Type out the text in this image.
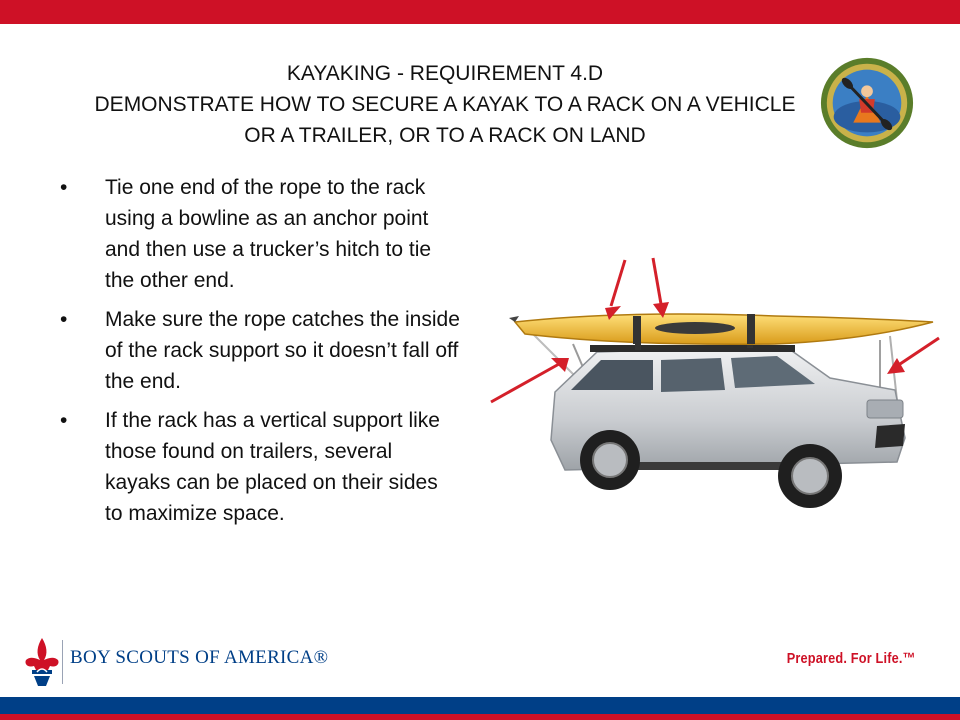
KAYAKING - REQUIREMENT 4.D
DEMONSTRATE HOW TO SECURE A KAYAK TO A RACK ON A VEHICLE
OR A TRAILER, OR TO A RACK ON LAND
• Tie one end of the rope to the rack using a bowline as an anchor point and then use a trucker’s hitch to tie the other end.
• Make sure the rope catches the inside of the rack support so it doesn’t fall off the end.
• If the rack has a vertical support like those found on trailers, several kayaks can be placed on their sides to maximize space.
BOY SCOUTS OF AMERICA®	Prepared. For Life.™
